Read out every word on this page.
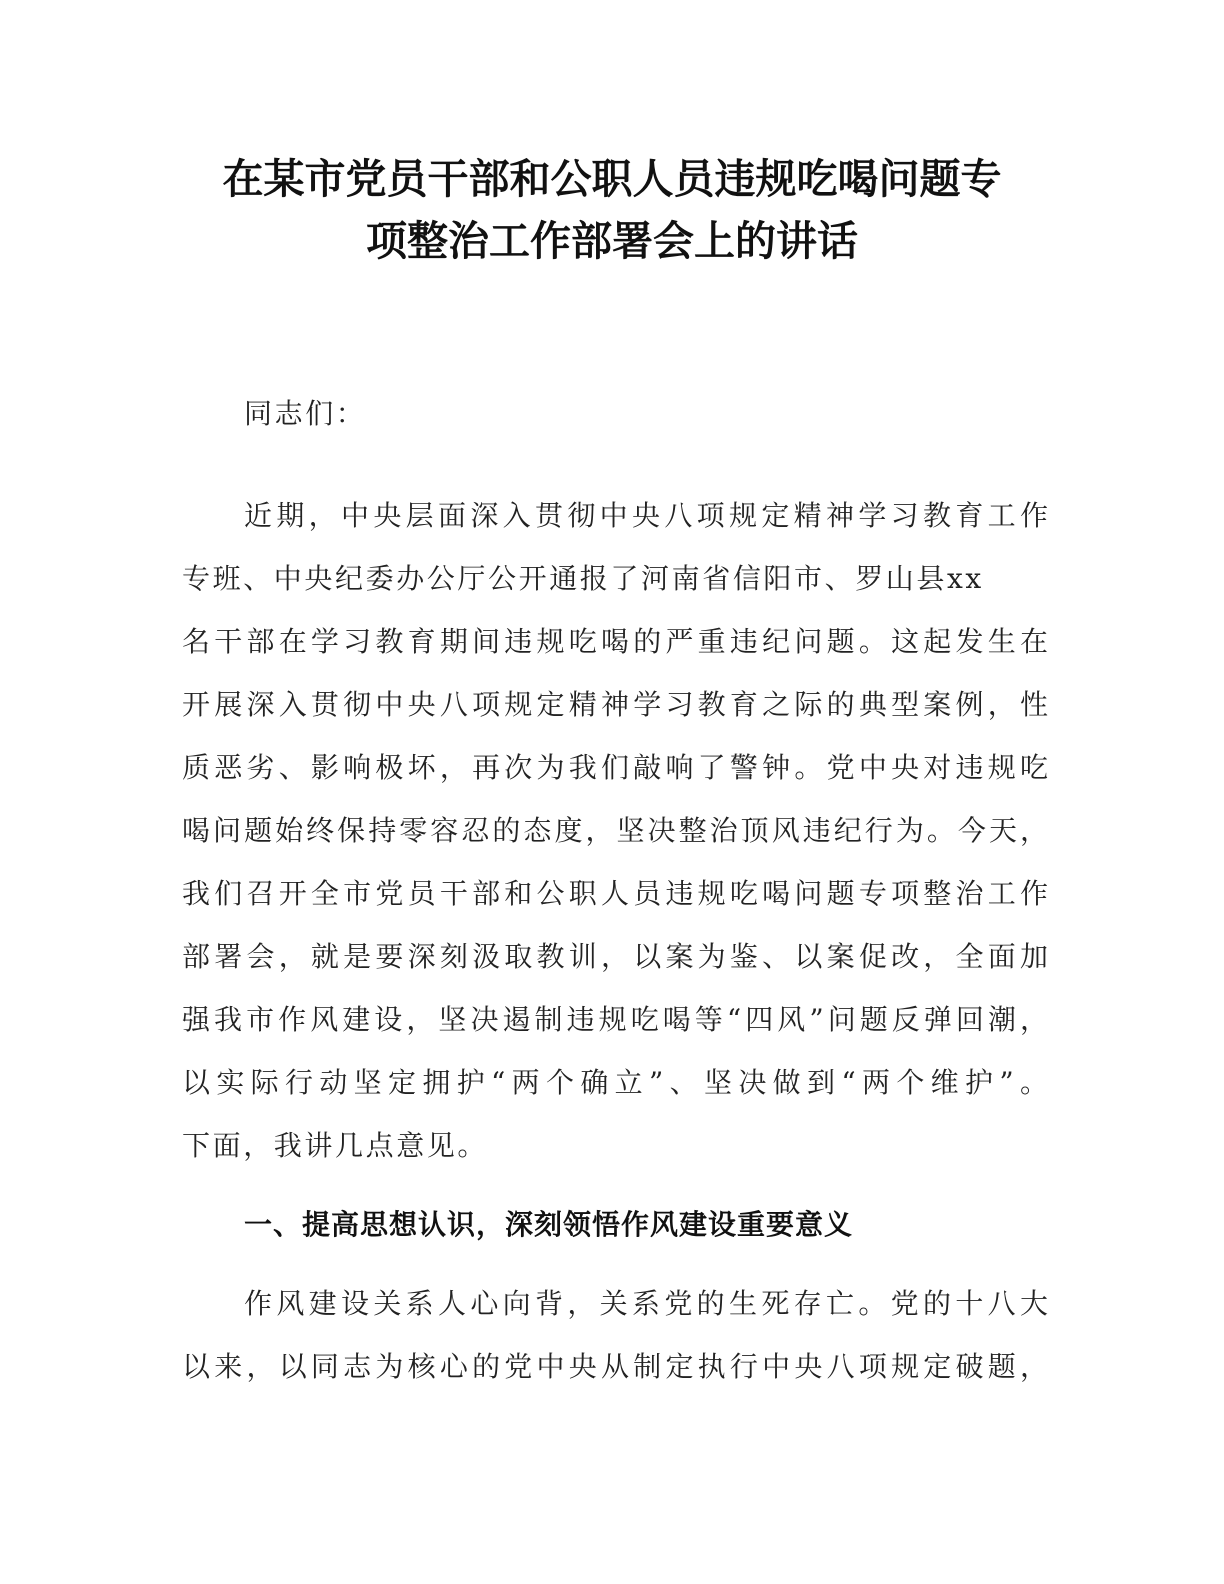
在某市党员干部和公职人员违规吃喝问题专
项整治工作部署会上的讲话
同志们：
近期，中央层面深入贯彻中央八项规定精神学习教育工作
专班、中央纪委办公厅公开通报了河南省信阳市、罗山县xx
名干部在学习教育期间违规吃喝的严重违纪问题。这起发生在
开展深入贯彻中央八项规定精神学习教育之际的典型案例，性
质恶劣、影响极坏，再次为我们敲响了警钟。党中央对违规吃
喝问题始终保持零容忍的态度，坚决整治顶风违纪行为。今天，
我们召开全市党员干部和公职人员违规吃喝问题专项整治工作
部署会，就是要深刻汲取教训，以案为鉴、以案促改，全面加
强我市作风建设，坚决遏制违规吃喝等“四风”问题反弹回潮，
以实际行动坚定拥护“两个确立”、坚决做到“两个维护”。
下面，我讲几点意见。
一、提高思想认识，深刻领悟作风建设重要意义
作风建设关系人心向背，关系党的生死存亡。党的十八大
以来，以同志为核心的党中央从制定执行中央八项规定破题，
